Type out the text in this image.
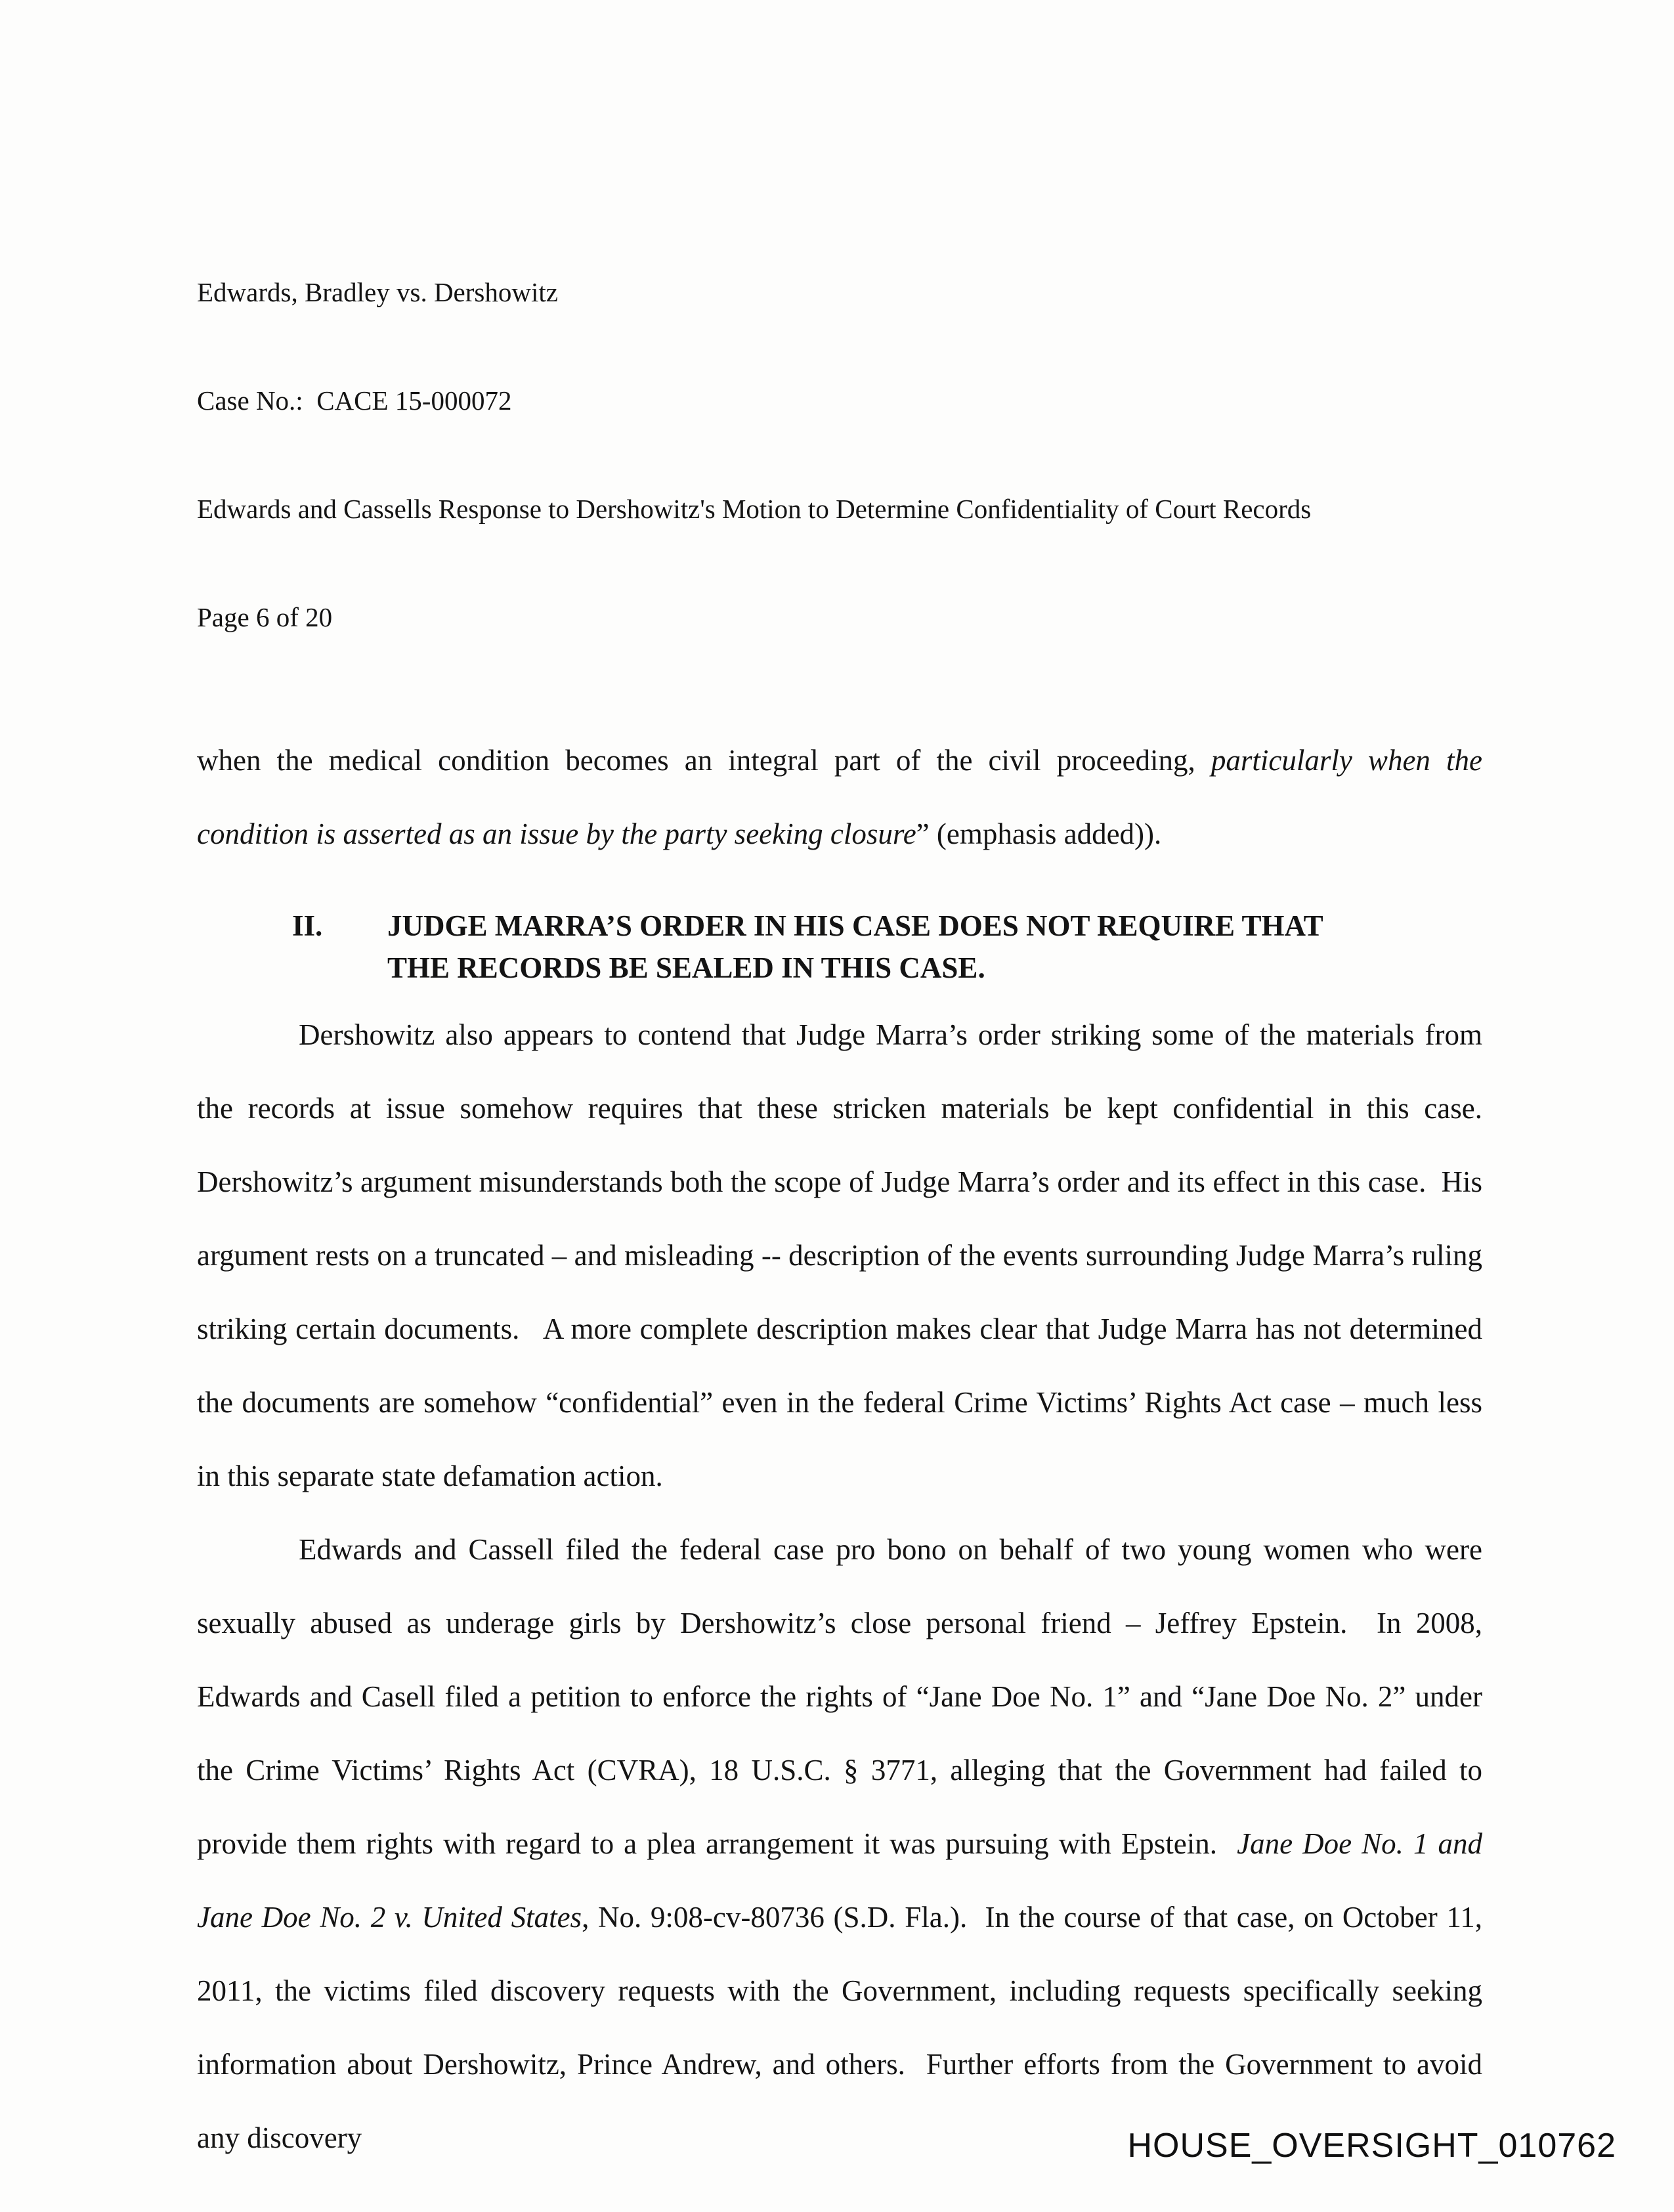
Edwards, Bradley vs. Dershowitz

Case No.:  CACE 15-000072

Edwards and Cassells Response to Dershowitz's Motion to Determine Confidentiality of Court Records

Page 6 of 20

when the medical condition becomes an integral part of the civil proceeding, particularly when the condition is asserted as an issue by the party seeking closure” (emphasis added)).

II.	JUDGE MARRA’S ORDER IN HIS CASE DOES NOT REQUIRE THAT
THE RECORDS BE SEALED IN THIS CASE.

Dershowitz also appears to contend that Judge Marra’s order striking some of the materials from the records at issue somehow requires that these stricken materials be kept confidential in this case.  Dershowitz’s argument misunderstands both the scope of Judge Marra’s order and its effect in this case.  His argument rests on a truncated – and misleading -- description of the events surrounding Judge Marra’s ruling striking certain documents.   A more complete description makes clear that Judge Marra has not determined the documents are somehow “confidential” even in the federal Crime Victims’ Rights Act case – much less in this separate state defamation action.

Edwards and Cassell filed the federal case pro bono on behalf of two young women who were sexually abused as underage girls by Dershowitz’s close personal friend – Jeffrey Epstein.  In 2008, Edwards and Casell filed a petition to enforce the rights of “Jane Doe No. 1” and “Jane Doe No. 2” under the Crime Victims’ Rights Act (CVRA), 18 U.S.C. § 3771, alleging that the Government had failed to provide them rights with regard to a plea arrangement it was pursuing with Epstein.  Jane Doe No. 1 and Jane Doe No. 2 v. United States, No. 9:08-cv-80736 (S.D. Fla.).  In the course of that case, on October 11, 2011, the victims filed discovery requests with the Government, including requests specifically seeking information about Dershowitz, Prince Andrew, and others.  Further efforts from the Government to avoid any discovery	HOUSE_OVERSIGHT_010762
